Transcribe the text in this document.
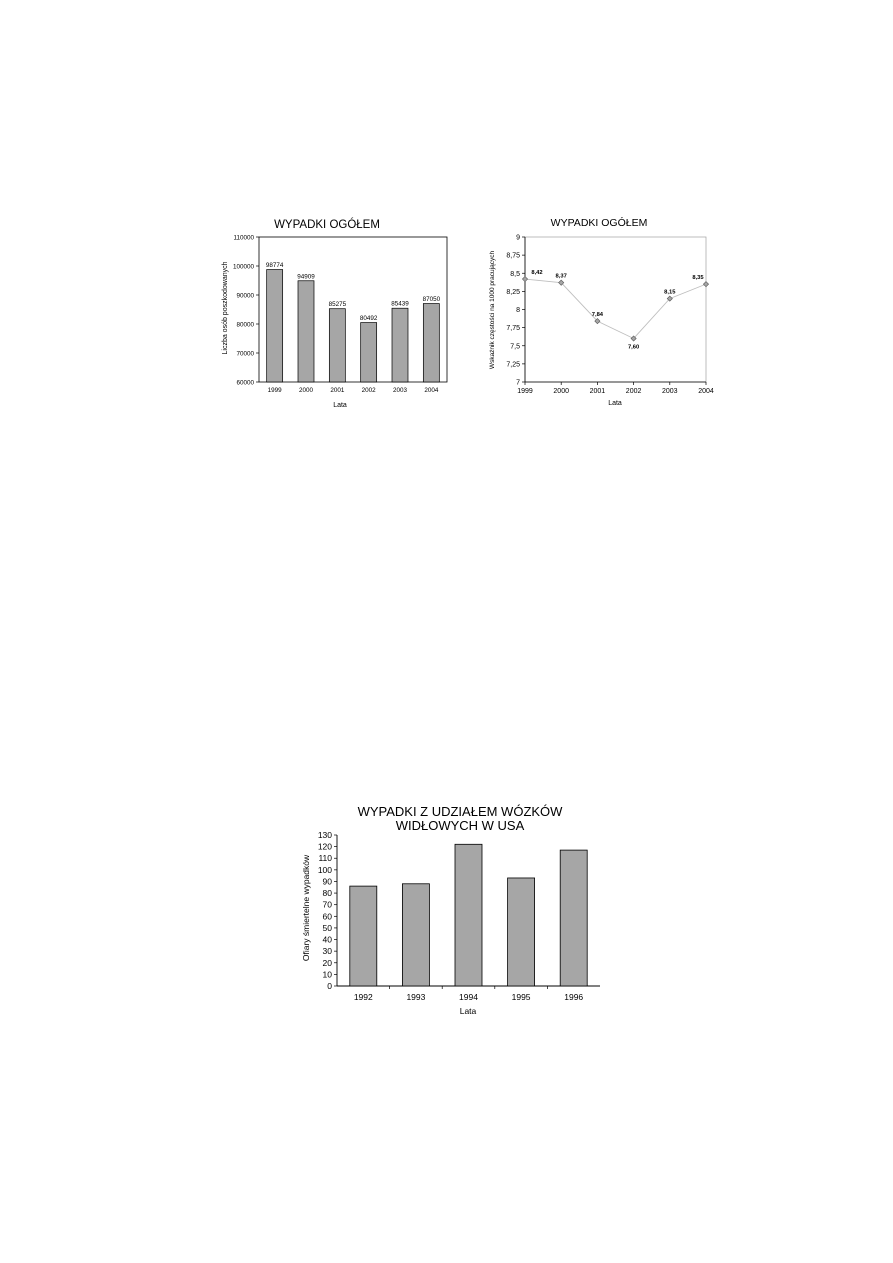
WYPADKI OGÓŁEM
Liczba osób poszkodowanych
Lata
60000
70000
80000
90000
100000
110000
98774
1999
94909
2000
85275
2001
80492
2002
85439
2003
87050
2004
WYPADKI OGÓŁEM
Wskaźnik częstości na 1000 pracujących
Lata
7
7,25
7,5
7,75
8
8,25
8,5
8,75
9
1999
8,42
2000
8,37
2001
7,84
2002
7,60
2003
8,15
2004
8,35
WYPADKI Z UDZIAŁEM WÓZKÓW
WIDŁOWYCH W USA
Ofiary śmiertelne wypadków
Lata
0
10
20
30
40
50
60
70
80
90
100
110
120
130
1992	1993	1994	1995	1996
